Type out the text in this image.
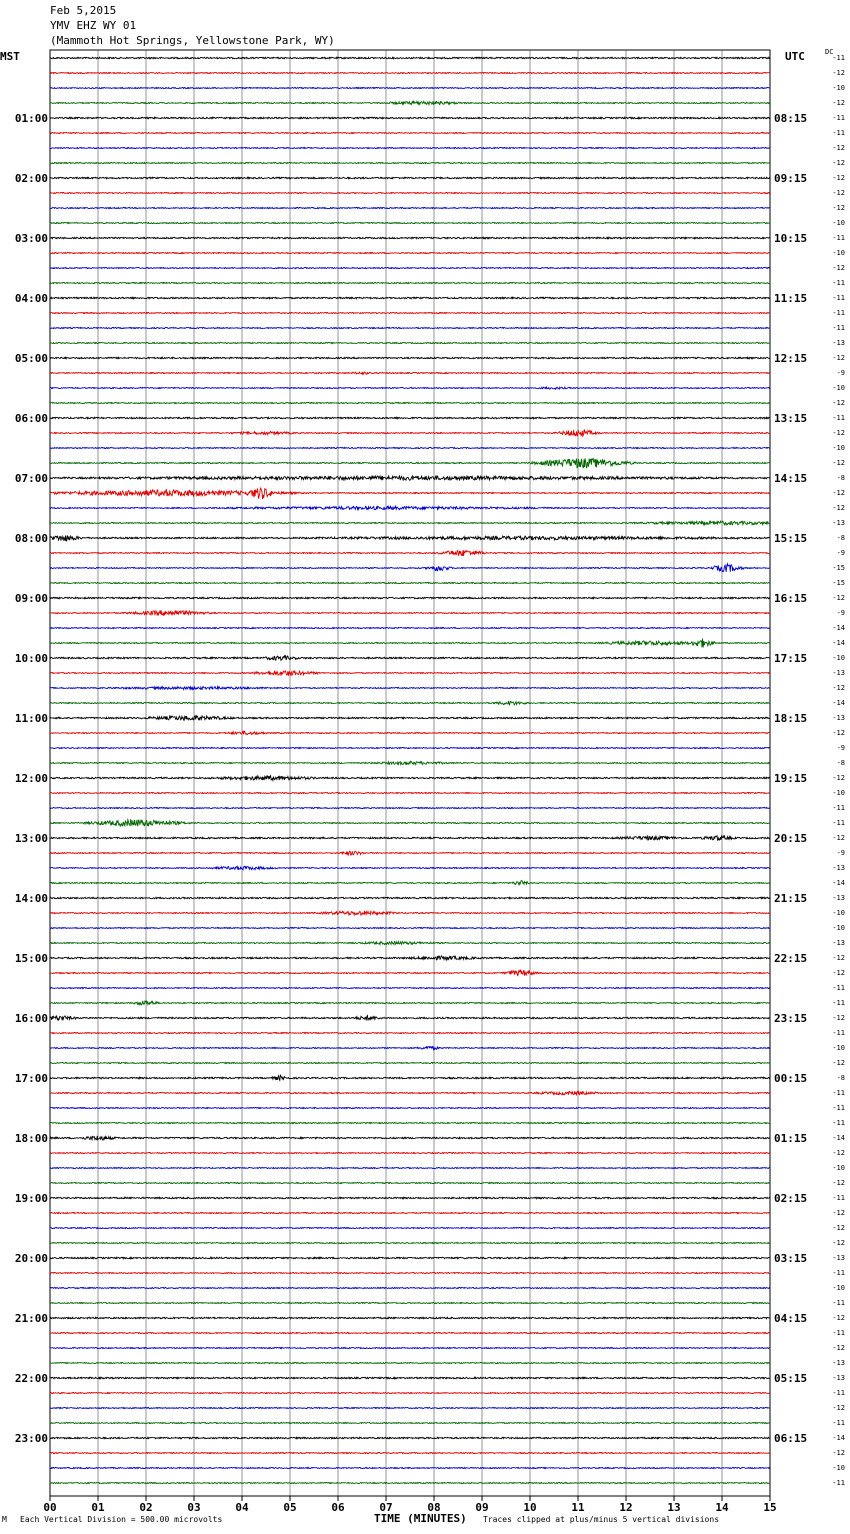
Feb 5,2015
YMV EHZ WY 01
(Mammoth Hot Springs, Yellowstone Park, WY)
MST	UTC	DC
-11
-12
-10
-12
-11
-11
-12
-12
-12
-12
-12
-10
-11
-10
-12
-11
-11
-11
-11
-13
-12
-9
-10
-12
-11
-12
-10
-12
-8
-12
-12
-13
-8
-9
-15
-15
-12
-9
-14
-14
-10
-13
-12
-14
-13
-12
-9
-8
-12
-10
-11
-11
-12
-9
-13
-14
-13
-10
-10
-13
-12
-12
-11
-11
-12
-11
-10
-12
-8
-11
-11
-11
-14
-12
-10
-12
-11
-12
-12
-12
-13
-11
-10
-11
-12
-11
-12
-13
-13
-11
-12
-11
-14
-12
-10
-11
01:00
02:00
03:00
04:00
05:00
06:00
07:00
08:00
09:00
10:00
11:00
12:00
13:00
14:00
15:00
16:00
17:00
18:00
19:00
20:00
21:00
22:00
23:00
08:15
09:15
10:15
11:15
12:15
13:15
14:15
15:15
16:15
17:15
18:15
19:15
20:15
21:15
22:15
23:15
00:15
01:15
02:15
03:15
04:15
05:15
06:15
00	01	02	03	04	05	06	07	08	09	10	11	12	13	14	15
M Each Vertical Division = 500.00 microvolts	TIME (MINUTES) Traces clipped at plus/minus 5 vertical divisions
